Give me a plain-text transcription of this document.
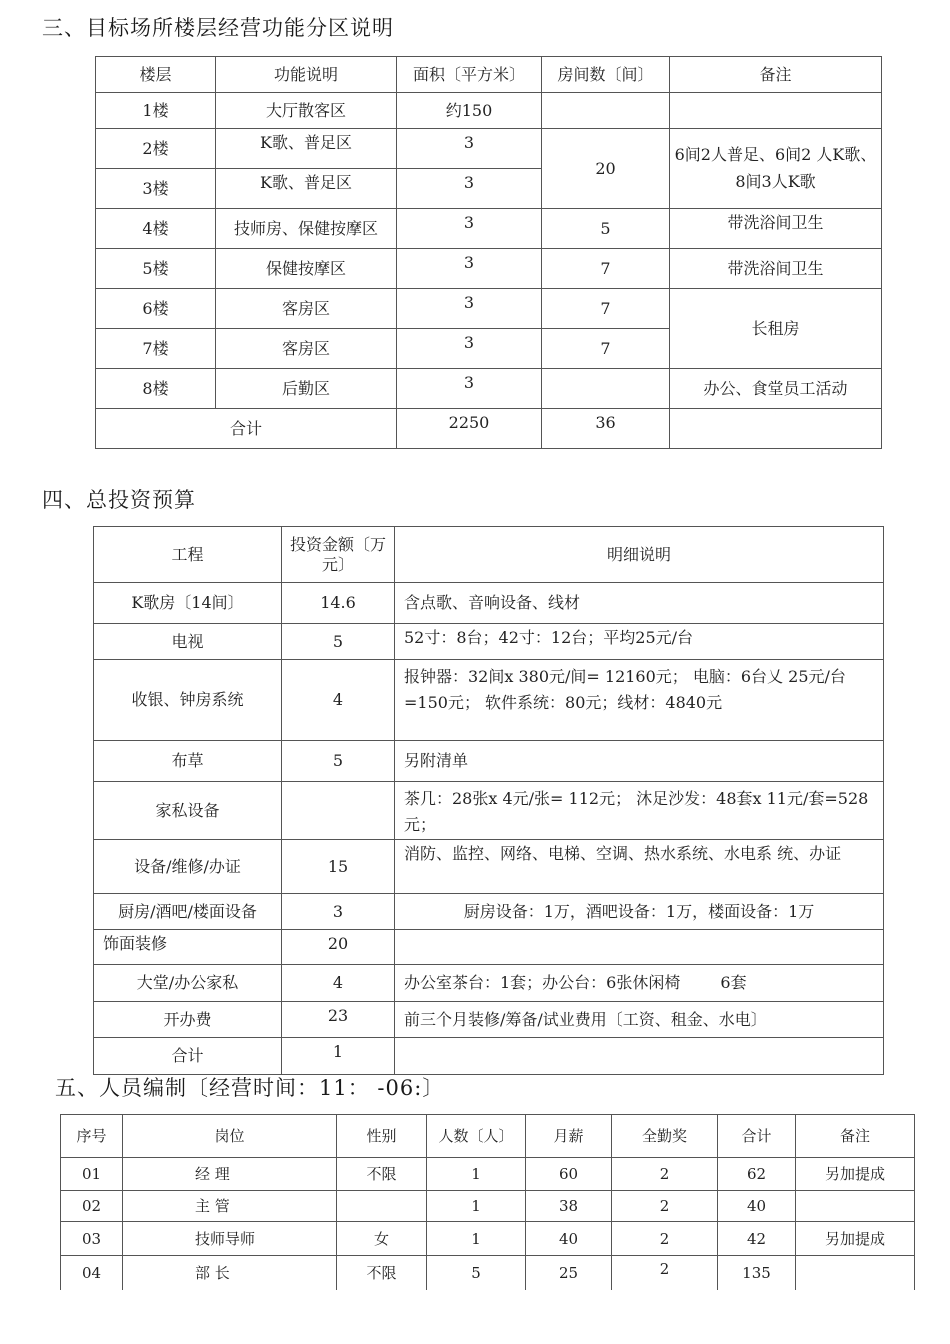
三、目标场所楼层经营功能分区说明
楼层	功能说明	面积〔平方米〕	房间数〔间〕	备注
1楼	大厅散客区	约150		
2楼	K歌、普足区	3	20	6间2人普足、6间2 人K歌、8间3人K歌
3楼	K歌、普足区	3		
4楼	技师房、保健按摩区	3	5	带洗浴间卫生
5楼	保健按摩区	3	7	带洗浴间卫生
6楼	客房区	3	7	长租房
7楼	客房区	3	7	
8楼	后勤区	3		办公、食堂员工活动
合计		2250	36	
四、总投资预算
工程	投资金额〔万元〕	明细说明
K歌房〔14间〕	14.6	含点歌、音响设备、线材
电视	5	52寸：8台；42寸：12台；平均25元/台
收银、钟房系统	4	报钟器：32间x 380元/间= 12160元； 电脑：6台乂 25元/台=150元； 软件系统：80元；线材：4840元
布草	5	另附清单
家私设备		茶几：28张x 4元/张= 112元； 沐足沙发：48套x 11元/套=528元；
设备/维修/办证	15	消防、监控、网络、电梯、空调、热水系统、水电系 统、办证
厨房/酒吧/楼面设备	3	厨房设备：1万，酒吧设备：1万，楼面设备：1万
饰面装修	20	
大堂/办公家私	4	办公室茶台：1套；办公台：6张休闲椅 6套
开办费	23	前三个月装修/筹备/试业费用〔工资、租金、水电〕
合计	1	
五、人员编制〔经营时间：11： -06:〕
序号	岗位	性别	人数〔人〕	月薪	全勤奖	合计	备注
01	经 理	不限	1	60	2	62	另加提成
02	主 管		1	38	2	40	
03	技师导师	女	1	40	2	42	另加提成
04	部 长	不限	5	25	2	135	
